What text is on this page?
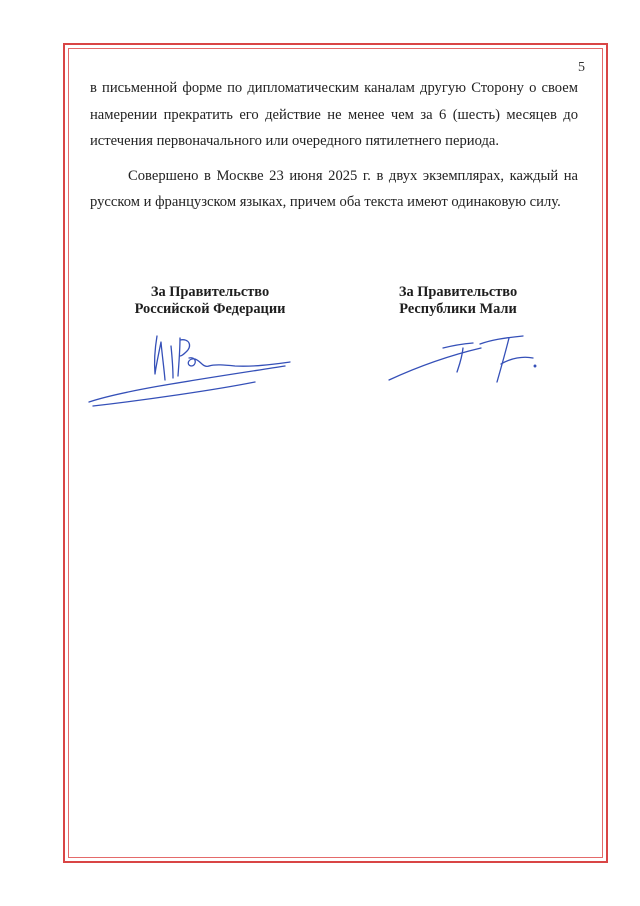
5

в письменной форме по дипломатическим каналам другую Сторону о своем намерении прекратить его действие не менее чем за 6 (шесть) месяцев до истечения первоначального или очередного пятилетнего периода.

Совершено в Москве 23 июня 2025 г. в двух экземплярах, каждый на русском и французском языках, причем оба текста имеют одинаковую силу.

За Правительство
Российской Федерации
За Правительство
Республики Мали
